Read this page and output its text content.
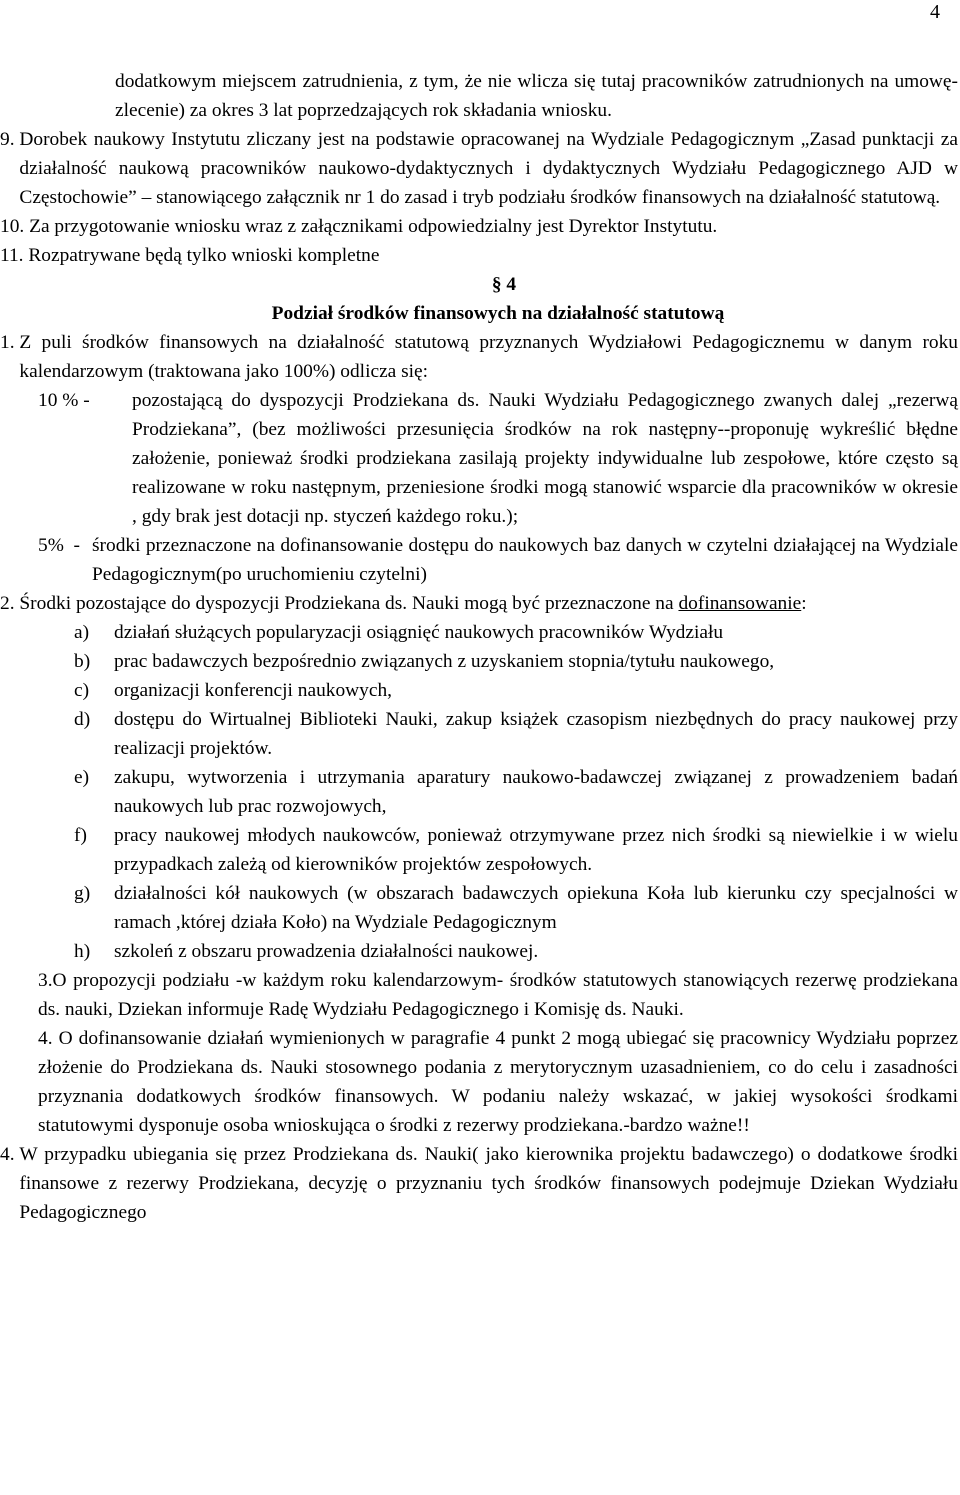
4

dodatkowym miejscem zatrudnienia, z tym, że nie wlicza się tutaj pracowników zatrudnionych na umowę-zlecenie) za okres 3 lat poprzedzających rok składania wniosku.

9. Dorobek naukowy Instytutu zliczany jest na podstawie opracowanej na Wydziale Pedagogicznym „Zasad punktacji za działalność naukową pracowników naukowo-dydaktycznych i dydaktycznych Wydziału Pedagogicznego AJD w Częstochowie” – stanowiącego załącznik nr 1 do zasad i tryb podziału środków finansowych na działalność statutową.

10. Za przygotowanie wniosku wraz z załącznikami odpowiedzialny jest Dyrektor Instytutu.

11. Rozpatrywane będą tylko wnioski kompletne

§ 4

Podział środków finansowych na działalność statutową

1. Z puli środków finansowych na działalność statutową przyznanych Wydziałowi Pedagogicznemu w danym roku kalendarzowym (traktowana jako 100%) odlicza się:

10 % -	pozostającą do dyspozycji Prodziekana ds. Nauki Wydziału Pedagogicznego zwanych dalej „rezerwą Prodziekana”, (bez możliwości przesunięcia środków na rok następny--proponuję wykreślić błędne założenie, ponieważ środki prodziekana zasilają projekty indywidualne lub zespołowe, które często są realizowane w roku następnym, przeniesione środki mogą stanowić wsparcie dla pracowników w okresie , gdy brak jest dotacji np. styczeń każdego roku.);

5%  - środki przeznaczone na dofinansowanie dostępu do naukowych baz danych w czytelni działającej na Wydziale Pedagogicznym(po uruchomieniu czytelni)

2. Środki pozostające do dyspozycji Prodziekana ds. Nauki mogą być przeznaczone na dofinansowanie:

a)	działań służących popularyzacji osiągnięć naukowych pracowników Wydziału
b)	prac badawczych bezpośrednio związanych z uzyskaniem stopnia/tytułu naukowego,
c)	organizacji konferencji naukowych,
d)	dostępu do Wirtualnej Biblioteki Nauki, zakup książek czasopism niezbędnych do pracy naukowej przy realizacji projektów.
e)	zakupu, wytworzenia i utrzymania aparatury naukowo-badawczej związanej z prowadzeniem badań naukowych lub prac rozwojowych,
f)	pracy naukowej młodych naukowców, ponieważ otrzymywane przez nich środki są niewielkie i w wielu przypadkach zależą od kierowników projektów zespołowych.
g)	działalności kół naukowych (w obszarach badawczych opiekuna Koła lub kierunku czy specjalności w ramach ,której działa Koło) na Wydziale Pedagogicznym
h)	szkoleń z obszaru prowadzenia działalności naukowej.

3.O propozycji podziału -w każdym roku kalendarzowym- środków statutowych stanowiących rezerwę prodziekana ds. nauki, Dziekan informuje Radę Wydziału Pedagogicznego i Komisję ds. Nauki.

4. O dofinansowanie działań wymienionych w paragrafie 4 punkt 2 mogą ubiegać się pracownicy Wydziału poprzez złożenie do Prodziekana ds. Nauki stosownego podania z merytorycznym uzasadnieniem, co do celu i zasadności przyznania dodatkowych środków finansowych. W podaniu należy wskazać, w jakiej wysokości środkami statutowymi dysponuje osoba wnioskująca o środki z rezerwy prodziekana.-bardzo ważne!!

4. W przypadku ubiegania się przez Prodziekana ds. Nauki( jako kierownika projektu badawczego) o dodatkowe środki finansowe z rezerwy Prodziekana, decyzję o przyznaniu tych środków finansowych podejmuje Dziekan Wydziału Pedagogicznego
